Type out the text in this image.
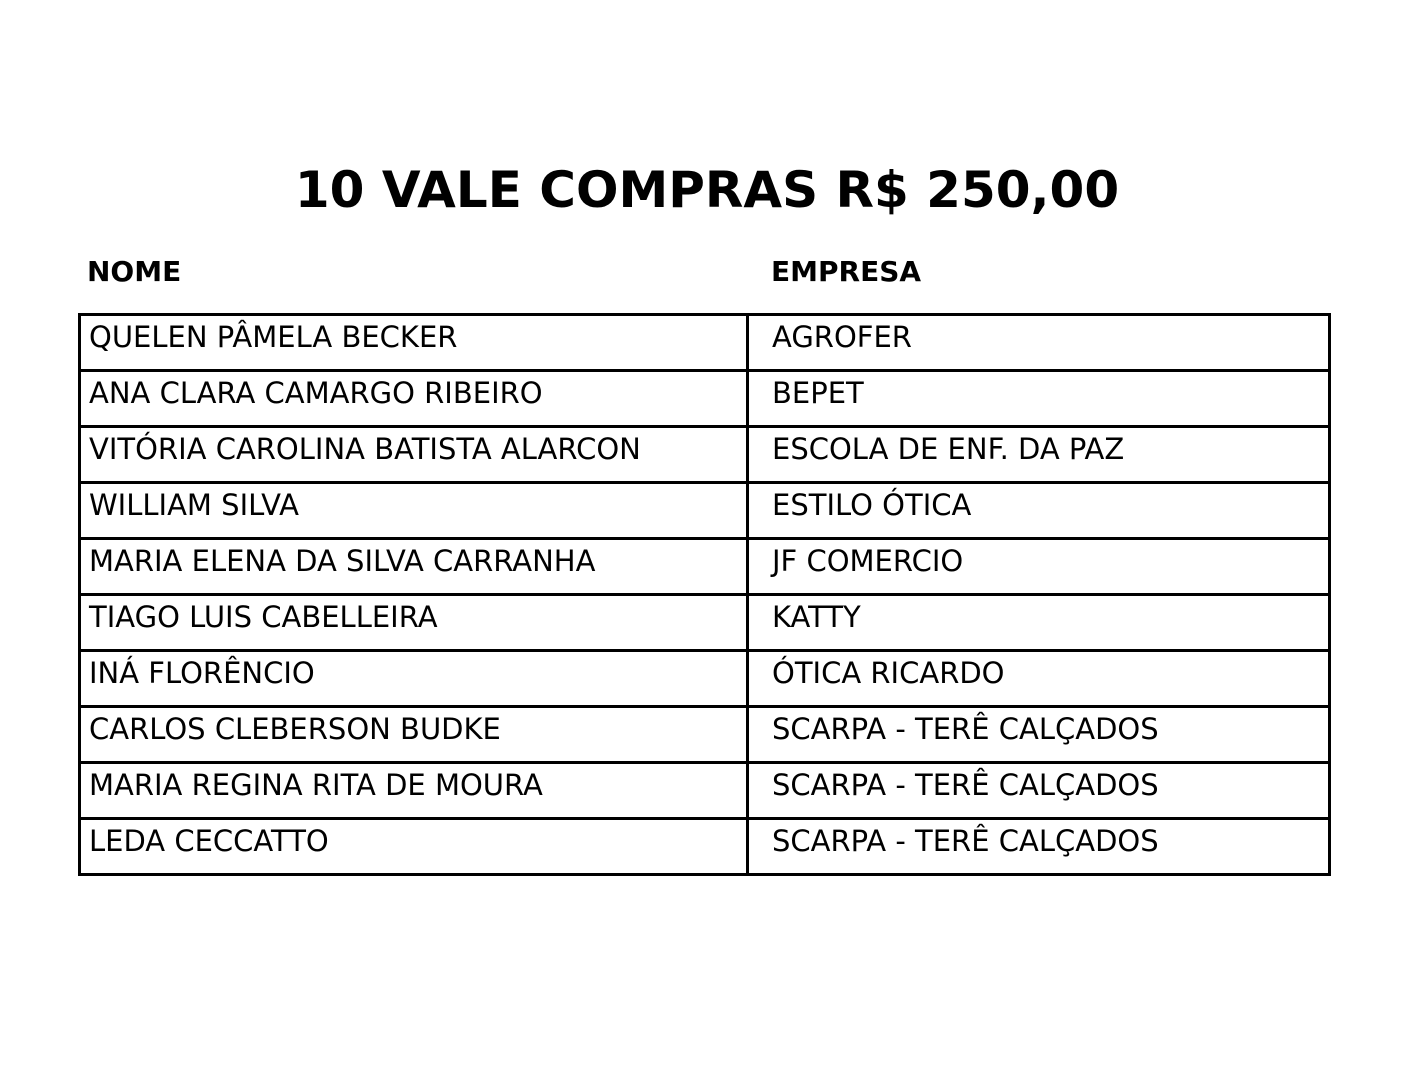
10 VALE COMPRAS R$ 250,00
NOME	EMPRESA
QUELEN PÂMELA BECKER	AGROFER
ANA CLARA CAMARGO RIBEIRO	BEPET
VITÓRIA CAROLINA BATISTA ALARCON	ESCOLA DE ENF. DA PAZ
WILLIAM SILVA	ESTILO ÓTICA
MARIA ELENA DA SILVA CARRANHA	JF COMERCIO
TIAGO LUIS CABELLEIRA	KATTY
INÁ FLORÊNCIO	ÓTICA RICARDO
CARLOS CLEBERSON BUDKE	SCARPA - TERÊ CALÇADOS
MARIA REGINA RITA DE MOURA	SCARPA - TERÊ CALÇADOS
LEDA CECCATTO	SCARPA - TERÊ CALÇADOS
